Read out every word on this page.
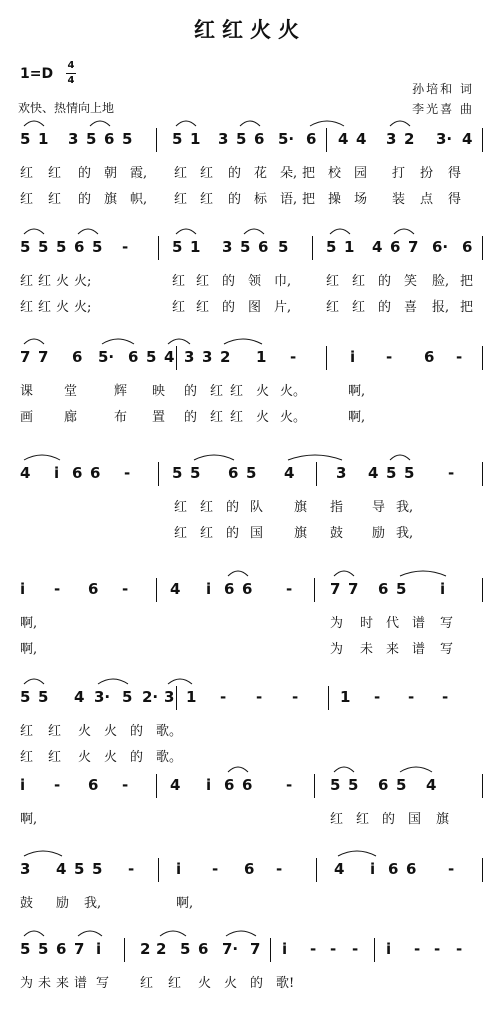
红红火火
1=D
4
4
欢快、热情向上地
孙培和 词
李光喜 曲
5 1 3 5 6 5	5 1 3 5 6 5· 6 4 4 3 2 3· 4
红 红 的 朝 霞, 红 红 的 花 朵, 把 校 园 打 扮 得
红 红 的 旗 帜, 红 红 的 标 语, 把 操 场 装 点 得
5 5 5 6 5 -	5 1 3 5 6 5	5 1 4 6 7 6· 6
红 红 火 火;	红 红 的 领 巾,	红 红 的 笑 脸, 把
红 红 火 火;	红 红 的 图 片,	红 红 的 喜 报, 把
7 7 6 5· 6 5 4 3 3 2 1 -	i - 6 -
课 堂	辉 映 的 红 红 火 火。	啊,
画 廊	布 置 的 红 红 火 火。	啊,
4 i 6 6 -	5 5 6 5 4	3 4 5 5 -
红 红 的 队 旗 指 导 我,
红 红 的 国 旗 鼓 励 我,
i - 6 -	4 i 6 6 -	7 7 6 5 i
啊,	为 时 代 谱 写
啊,	为 未 来 谱 写
5 5 4 3· 5 2· 3 1 - - -	1 - - -
红 红 火 火 的 歌。
红 红 火 火 的 歌。
i - 6 -	4 i 6 6 -	5 5 6 5 4
啊,	红 红 的 国 旗
3 4 5 5 -	i - 6 -	4 i 6 6 -
鼓 励 我,	啊,
5 5 6 7 i	2 2 5 6 7· 7 i - - - i - - -
为 未 来 谱 写 红 红 火 火 的 歌!
